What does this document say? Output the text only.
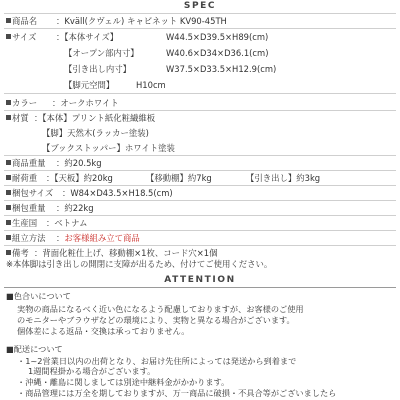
SPEC
商品名 ：Kväll(クヴェル) キャビネット KV90-45TH
サイズ ：【本体サイズ】	W44.5×D39.5×H89(cm)
【オープン部内寸】	W40.6×D34×D36.1(cm)
【引き出し内寸】	W37.5×D33.5×H12.9(cm)
【脚元空間】	H10cm
カラー ：オークホワイト
材質 ：【本体】プリント紙化粧繊維板
【脚】天然木(ラッカー塗装)
【ブックストッパー】ホワイト塗装
商品重量 ：約20.5kg
耐荷重 ：【天板】約20kg	【移動棚】約7kg	【引き出し】約3kg
梱包サイズ ：W84×D43.5×H18.5(cm)
梱包重量 ：約22kg
生産国 ：ベトナム
組立方法 ：お客様組み立て商品
備考 ：背面化粧仕上げ、移動棚×1枚、コード穴×1個
※本体脚は引き出しの開閉に支障が出るため、付けてご使用ください。
ATTENTION
■色合いについて
実物の商品になるべく近い色になるよう配慮しておりますが、お客様のご使用
のモニターやブラウザなどの環境により、実物と異なる場合がございます。
個体差による返品・交換は承っておりません。
■配送について
・1~2営業日以内の出荷となり、お届け先住所によっては発送から到着まで
1週間程掛かる場合がございます。
・沖縄・離島に関しましては別途中継料金がかかります。
・商品管理には万全を期しておりますが、万一商品に破損・不具合等がございましたら
